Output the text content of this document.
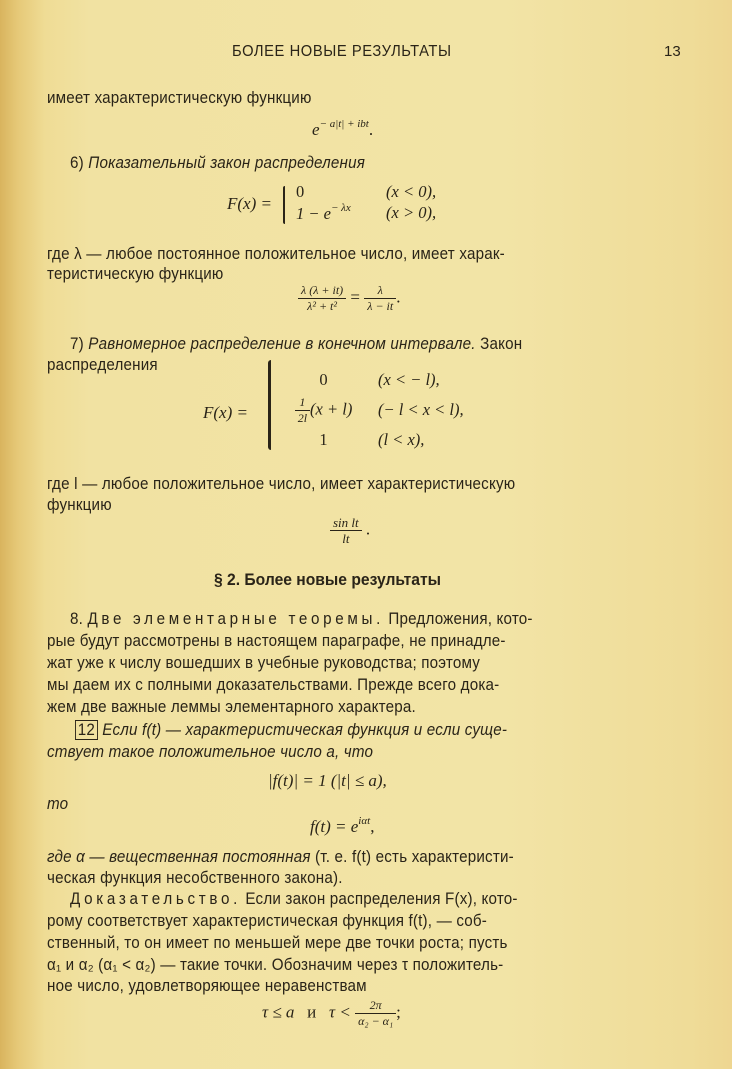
БОЛЕЕ НОВЫЕ РЕЗУЛЬТАТЫ	13
имеет характеристическую функцию
$e^{- a|t| + ibt}$.
6) Показательный закон распределения
F(x) =
0	(x < 0),
$1 - e^{- \lambda x}$	(x > 0),
где λ — любое постоянное положительное число, имеет харак-
теристическую функцию
$\frac{\lambda (\lambda + it)}{\text{λ² + t²}} = \frac{\lambda}{\lambda - it}$ .
7) Равномерное распределение в конечном интервале. Закон
распределения
F(x) =
0	(x < − l),

$\frac{1}{2l} (x + l)$	(− l < x < l),
1	(l < x),
где l — любое положительное число, имеет характеристическую
функцию
$\frac{\text{sin lt}}{lt}$ .
§ 2. Более новые результаты
8. Две элементарные теоремы. Предложения, кото-
рые будут рассмотрены в настоящем параграфе, не принадле-
жат уже к числу вошедших в учебные руководства; поэтому
мы даем их с полными доказательствами. Прежде всего дока-
жем две важные леммы элементарного характера.
12 Если f(t) — характеристическая функция и если суще-
ствует такое положительное число a, что
|f(t)| = 1 (|t| ≤ a),
то
$f(t) = e^{i\alpha t}$,
где α — вещественная постоянная (т. е. f(t) есть характеристи-
ческая функция несобственного закона).
Доказательство. Если закон распределения F(x), кото-
рому соответствует характеристическая функция f(t), — соб-
ственный, то он имеет по меньшей мере две точки роста; пусть
α₁ и α₂ (α₁ < α₂) — такие точки. Обозначим через τ положитель-
ное число, удовлетворяющее неравенствам
τ ≤ a и $\tau < \frac{2\pi}{\text{α₂ − α₁}}$ ;
